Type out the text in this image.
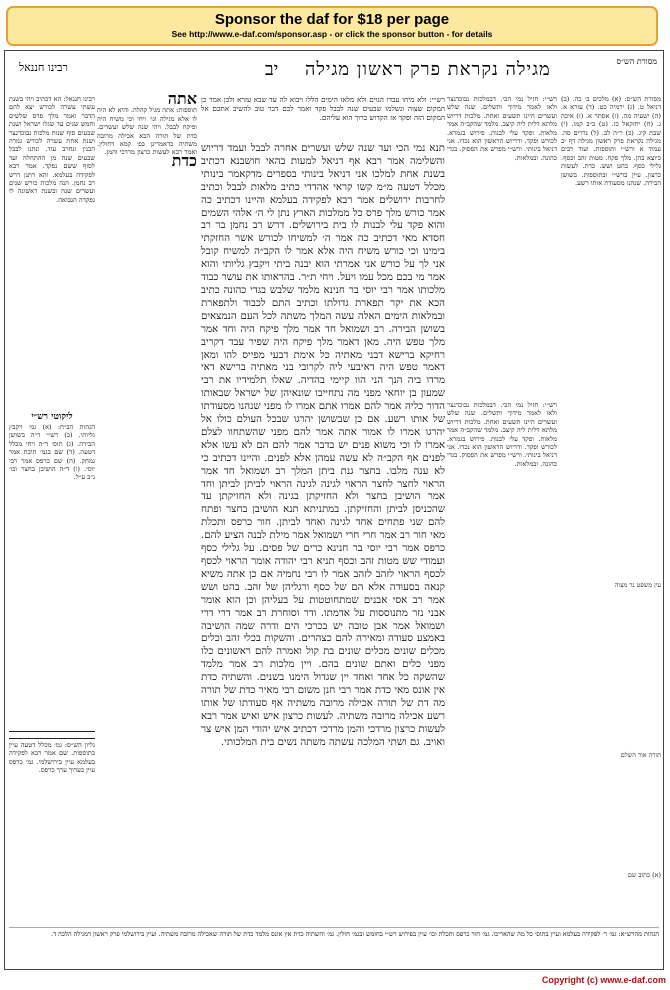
Sponsor the daf for $18 per page
See http://www.e-daf.com/sponsor.asp - or click the sponsor button - for details
רבינו חננאל	יב מגילה נקראת פרק ראשון מגילה	מסורת הש״ס
רבינו חננאל: הא דכתיב ויהי בשנת עשתי עשרה לכורש יצא להם הדבר ואמר מלך פרס שלשים וחמש שנים עד שגלו ישראל ושנת שבעים סוף שנות מלכות נבוכדנצר ושנת אחת עשרה לכורש גמרה הבנין ונחרב עוד. ונתנו לבבל שבעים שנה מן ההתחלה ועד לסוף ששם נפקד. אמר רבא לפקידה בעלמא. והא דתנן דרש רב נחמן. הנה מלכות כורש שנים ועשרים שנה ובשנת ראשונה לו נפקדה הנבואה.
ליקוטי רש״י
הגהות הב״ח: (א) גמ׳ ויקבץ גליותי. (ב) רש״י ד״ה בשושן הבירה. (ג) תוס׳ ד״ה ויחי מכלל דטעה. (ד) שם בגמ׳ תיבת אמר נמחק. (ה) שם כרפס אמר רבי יוסי. (ו) ד״ה הושיבן בחצר וכו׳ נ״ב ע״ל.
גליון הש״ס: גמ׳ מכלל דטעה עיין בתוספות. שם אמר רבא לפקידה בעלמא עיין בירושלמי. גמ׳ כרפס עיין בערוך ערך כרפס.
אתה
תוספות: אתה מגיל קהלה. והיא לא היה לו אלא מגילה וגו׳ ויחי וכי משיח היה ופיקח לבבל. ויהי שנה שלש ועשרים. כדת של תורה הכא אכילה מרובה משתיה כדאמרינן בפ׳ קמא דחולין. ואמר רבא לעשות כרצון מרדכי והמן.
כדת
רש״י: ולא מיחו עבדו הגוים ולא מלאו הימים הללו ויבוא לה עד שבא עזרא ולכן אמר כן המקום שצוה ונשלמו שבעים שנה לבבל פקד ואמר לכם דבר טוב להשיב אתכם אל המקום הזה ופקד אז הקדוש ברוך הוא עליהם.
תנא נמי הכי ועד שנה שלש ועשרים אחרה לבבל ועמד דריוש והשלימה אמר רבא אף דניאל למעות בהאי חושבנא דכתיב בשנת אחת למלכו אני דניאל בינותי בספרים מדקאמר בינותי מכלל דטעה מ״מ קשו קראי אהדדי כתיב מלאות לבבל וכתיב לחרבות ירושלים אמר רבא לפקידה בעלמא והיינו דכתיב כה אמר כורש מלך פרס כל ממלכות הארץ נתן לי ה׳ אלהי השמים והוא פקד עלי לבנות לו בית בירושלים. דרש רב נחמן בר רב חסדא מאי דכתיב כה אמר ה׳ למשיחו לכורש אשר החזקתי בימינו וכי כורש משיח היה אלא אמר לו הקב״ה למשיח קובל אני לך על כורש אני אמרתי הוא יבנה ביתי ויקבץ גליותי והוא אמר מי בכם מכל עמו ויעל. ויחי ת״ר. בהראותו את עושר כבוד מלכותו אמר רבי יוסי בר חנינא מלמד שלבש בגדי כהונה כתיב הכא את יקר תפארת גדולתו וכתיב התם לכבוד ולתפארת ובמלאות הימים האלה עשה המלך משתה לכל העם הנמצאים בשושן הבירה. רב ושמואל חד אמר מלך פיקח היה וחד אמר מלך טפש היה. מאן דאמר מלך פיקח היה שפיר עבד דקריב רחיקא ברישא דבני מאתיה כל אימת דבעי מפייס להו ומאן דאמר טפש היה דאיבעי ליה לקרובי בני מאתיה ברישא דאי מרדו ביה הנך הני הוו קיימי בהדיה. שאלו תלמידיו את רבי שמעון בן יוחאי מפני מה נתחייבו שונאיהן של ישראל שבאותו הדור כליה אמר להם אמרו אתם אמרו לו מפני שנהנו מסעודתו של אותו רשע. אם כן שבשושן יהרגו שבכל העולם כולו אל יהרגו אמרו לו אמור אתה אמר להם מפני שהשתחוו לצלם אמרו לו וכי משוא פנים יש בדבר אמר להם הם לא עשו אלא לפנים אף הקב״ה לא עשה עמהן אלא לפנים. והיינו דכתיב כי לא ענה מלבו. בחצר גנת ביתן המלך רב ושמואל חד אמר הראוי לחצר לחצר הראוי לגינה לגינה הראוי לביתן לביתן וחד אמר הושיבן בחצר ולא החזיקתן בגינה ולא החזיקתן עד שהכניסן לביתן והחזיקתן. במתניתא תנא הושיבן בחצר ופתח להם שני פתחים אחד לגינה ואחד לביתן. חור כרפס ותכלת מאי חור רב אמר חרי חרי ושמואל אמר מילת לבנה הציע להם. כרפס אמר רבי יוסי בר חנינא כרים של פסים. על גלילי כסף ועמודי שש מטות זהב וכסף תניא רבי יהודה אומר הראוי לכסף לכסף הראוי לזהב לזהב אמר לו רבי נחמיה אם כן אתה משיא קנאה בסעודה אלא הם של כסף ורגליהן של זהב. בהט ושש אמר רב אסי אבנים שמתחוטטות על בעליהן וכן הוא אומר אבני נזר מתנוססות על אדמתו. ודר וסוחרת רב אמר דרי דרי ושמואל אמר אבן טובה יש בכרכי הים ודרה שמה הושיבה באמצע סעודה ומאירה להם כצהרים. והשקות בכלי זהב וכלים מכלים שונים מכלים שונים בת קול ואמרה להם ראשונים כלו מפני כלים ואתם שונים בהם. ויין מלכות רב אמר מלמד שהשקה כל אחד ואחד יין שגדול הימנו בשנים. והשתיה כדת אין אונס מאי כדת אמר רבי חנן משום רבי מאיר כדת של תורה מה דת של תורה אכילה מרובה משתיה אף סעודתו של אותו רשע אכילה מרובה משתיה. לעשות כרצון איש ואיש אמר רבא לעשות כרצון מרדכי והמן מרדכי דכתיב איש יהודי המן איש צר ואויב. גם ושתי המלכה עשתה משתה נשים בית המלכותי.
רש״י: חזיל נמי הכי. דבמלכות נבוכדנצר ולאו לאמר מידוך ותשלים. שנה שלש ועשרים היינו תשעים ואחת. מלכות דריוש מלתא דלית ליה קיצב. מלמד שהקב״ה אמר מלאות. ופקד עלי לבנות. פירוש בגמרא. לכורש ופקד. ודריוש הראשון הוא נכדו. אני דניאל בינותי. ורש״י מפרש את הפסוק. בגדי כהונה. ובמלאות.
רש״י: חזיל נמי הכי. דבמלכות נבוכדנצר ולאו לאמר מידוך ותשלים. שנה שלש ועשרים היינו תשעים ואחת. מלכות דריוש מלתא דלית ליה קיצב. מלמד שהקב״ה אמר מלאות. ופקד עלי לבנות. פירוש בגמרא. לכורש ופקד. ודריוש הראשון הוא נכדו. אני דניאל בינותי. ורש״י מפרש את הפסוק. בגדי כהונה. ובמלאות.
מסורת הש״ס: (א) מלכים ב׳ כה. (ב) דניאל ט. (ג) ירמיה כט. (ד) עזרא א. (ה) ישעיה מה. (ו) אסתר א. (ז) איכה ג. (ח) יחזקאל כז. (ט) ב״ב קמו. (י) שבת קיג. (כ) ר״ה לב. (ל) נדרים סה. מגילה נקראת פרק ראשון מגילה דף יב עמוד א ורש״י ותוספות. ועוד רבים כיוצא בהן. מלך פקח. מטות זהב וכסף. גלילי כסף. בהט ושש. כדת. לעשות כרצון. עיין ברש״י ובתוספות. בשושן הבירה. שנהנו מסעודת אותו רשע.
עין משפט נר מצוה
תורה אור השלם
(א) כתוב שם
הגהות מהרש״א: גמ׳ ר׳ לפקידה בעלמא ועיין בתוס׳ כל מה שהאריכו. גמ׳ חור כרפס ותכלת וכו׳ עיין בפירוש רש״י בחומש ובגמ׳ חולין. גמ׳ והשתיה כדת אין אונס מלמד כדת של תורה שאכילה מרובה משתיה. ועיין בירושלמי פרק ראשון דמגילה הלכה ד.
Copyright (c) www.e-daf.com
